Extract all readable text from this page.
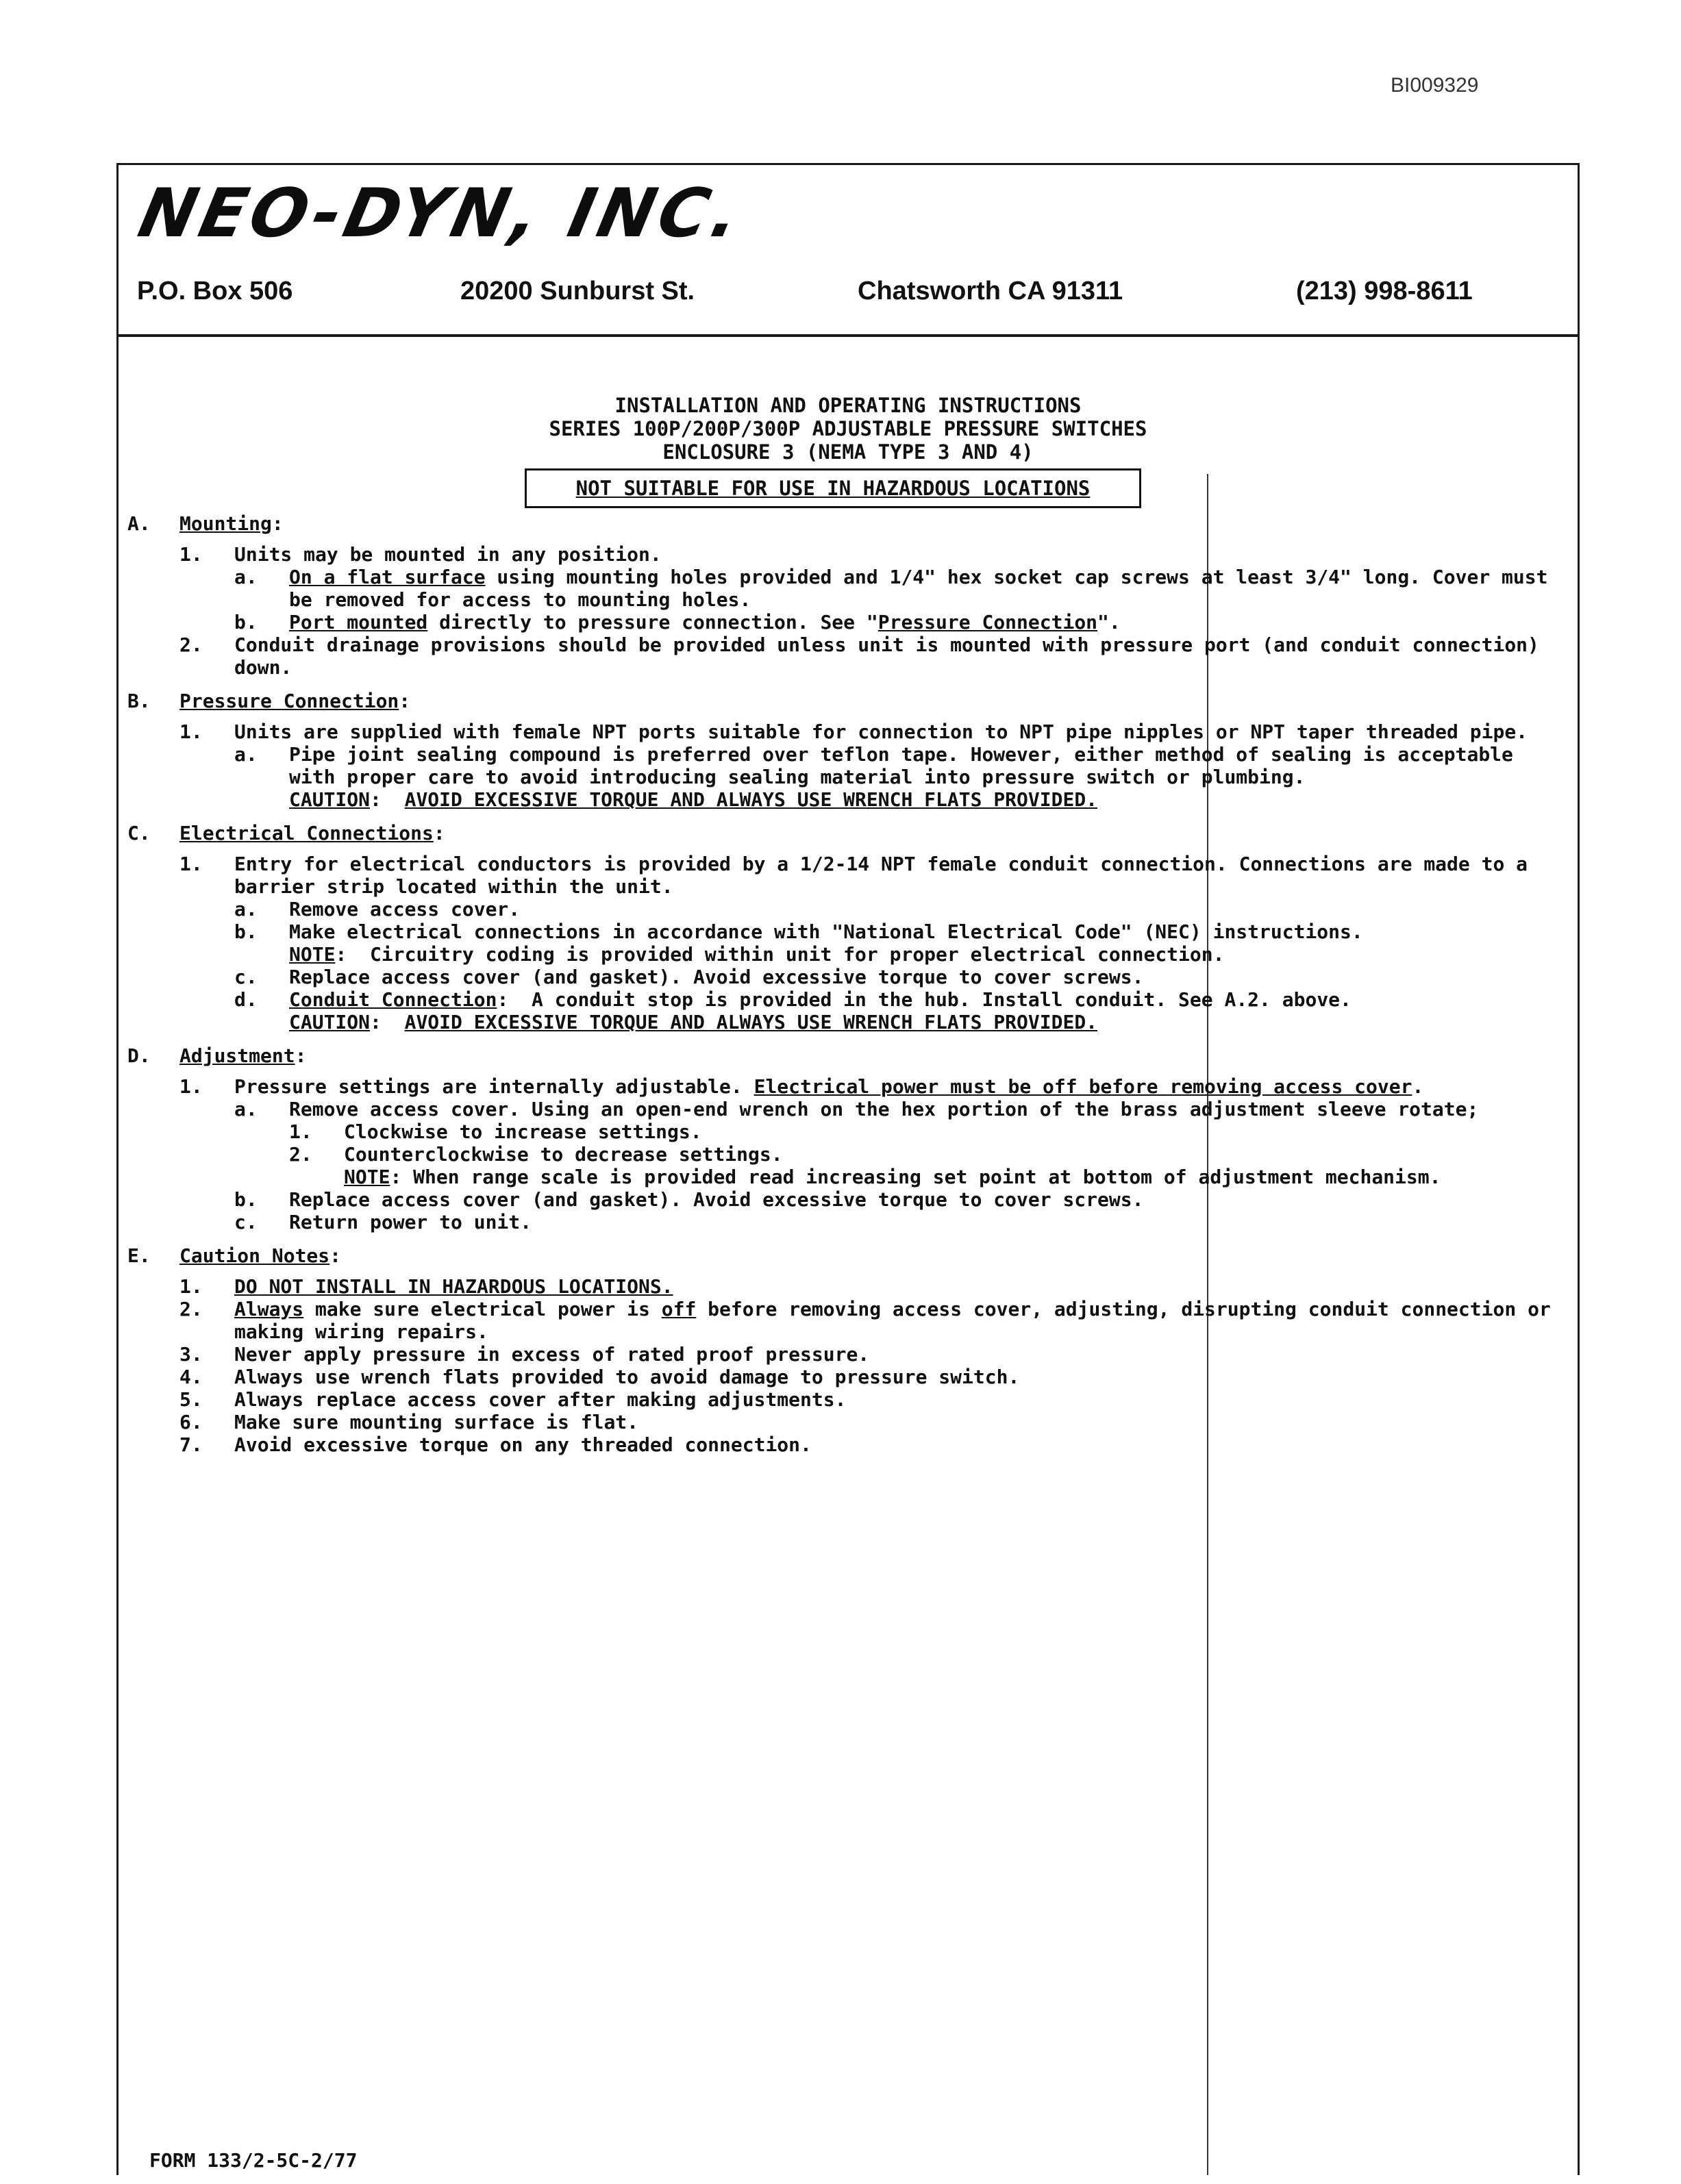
BI009329
NEO-DYN, INC.
P.O. Box 506	20200 Sunburst St.	Chatsworth CA 91311	(213) 998-8611
INSTALLATION AND OPERATING INSTRUCTIONS
SERIES 100P/200P/300P ADJUSTABLE PRESSURE SWITCHES
ENCLOSURE 3 (NEMA TYPE 3 AND 4)
NOT SUITABLE FOR USE IN HAZARDOUS LOCATIONS
A. Mounting:
1. Units may be mounted in any position.
a. On a flat surface using mounting holes provided and 1/4" hex socket cap screws at least 3/4" long. Cover must be removed for access to mounting holes.
b. Port mounted directly to pressure connection. See "Pressure Connection".
2. Conduit drainage provisions should be provided unless unit is mounted with pressure port (and conduit connection) down.
B. Pressure Connection:
1. Units are supplied with female NPT ports suitable for connection to NPT pipe nipples or NPT taper threaded pipe.
a. Pipe joint sealing compound is preferred over teflon tape. However, either method of sealing is acceptable with proper care to avoid introducing sealing material into pressure switch or plumbing.
CAUTION:  AVOID EXCESSIVE TORQUE AND ALWAYS USE WRENCH FLATS PROVIDED.
C. Electrical Connections:
1. Entry for electrical conductors is provided by a 1/2-14 NPT female conduit connection. Connections are made to a barrier strip located within the unit.
a. Remove access cover.
b. Make electrical connections in accordance with "National Electrical Code" (NEC) instructions.
NOTE:  Circuitry coding is provided within unit for proper electrical connection.
c. Replace access cover (and gasket). Avoid excessive torque to cover screws.
d. Conduit Connection:  A conduit stop is provided in the hub. Install conduit. See A.2. above.
CAUTION:  AVOID EXCESSIVE TORQUE AND ALWAYS USE WRENCH FLATS PROVIDED.
D. Adjustment:
1. Pressure settings are internally adjustable. Electrical power must be off before removing access cover.
a. Remove access cover. Using an open-end wrench on the hex portion of the brass adjustment sleeve rotate;
1. Clockwise to increase settings.
2. Counterclockwise to decrease settings.
NOTE: When range scale is provided read increasing set point at bottom of adjustment mechanism.
b. Replace access cover (and gasket). Avoid excessive torque to cover screws.
c. Return power to unit.
E. Caution Notes:
1. DO NOT INSTALL IN HAZARDOUS LOCATIONS.
2. Always make sure electrical power is off before removing access cover, adjusting, disrupting conduit connection or making wiring repairs.
3. Never apply pressure in excess of rated proof pressure.
4. Always use wrench flats provided to avoid damage to pressure switch.
5. Always replace access cover after making adjustments.
6. Make sure mounting surface is flat.
7. Avoid excessive torque on any threaded connection.
FORM 133/2-5C-2/77
